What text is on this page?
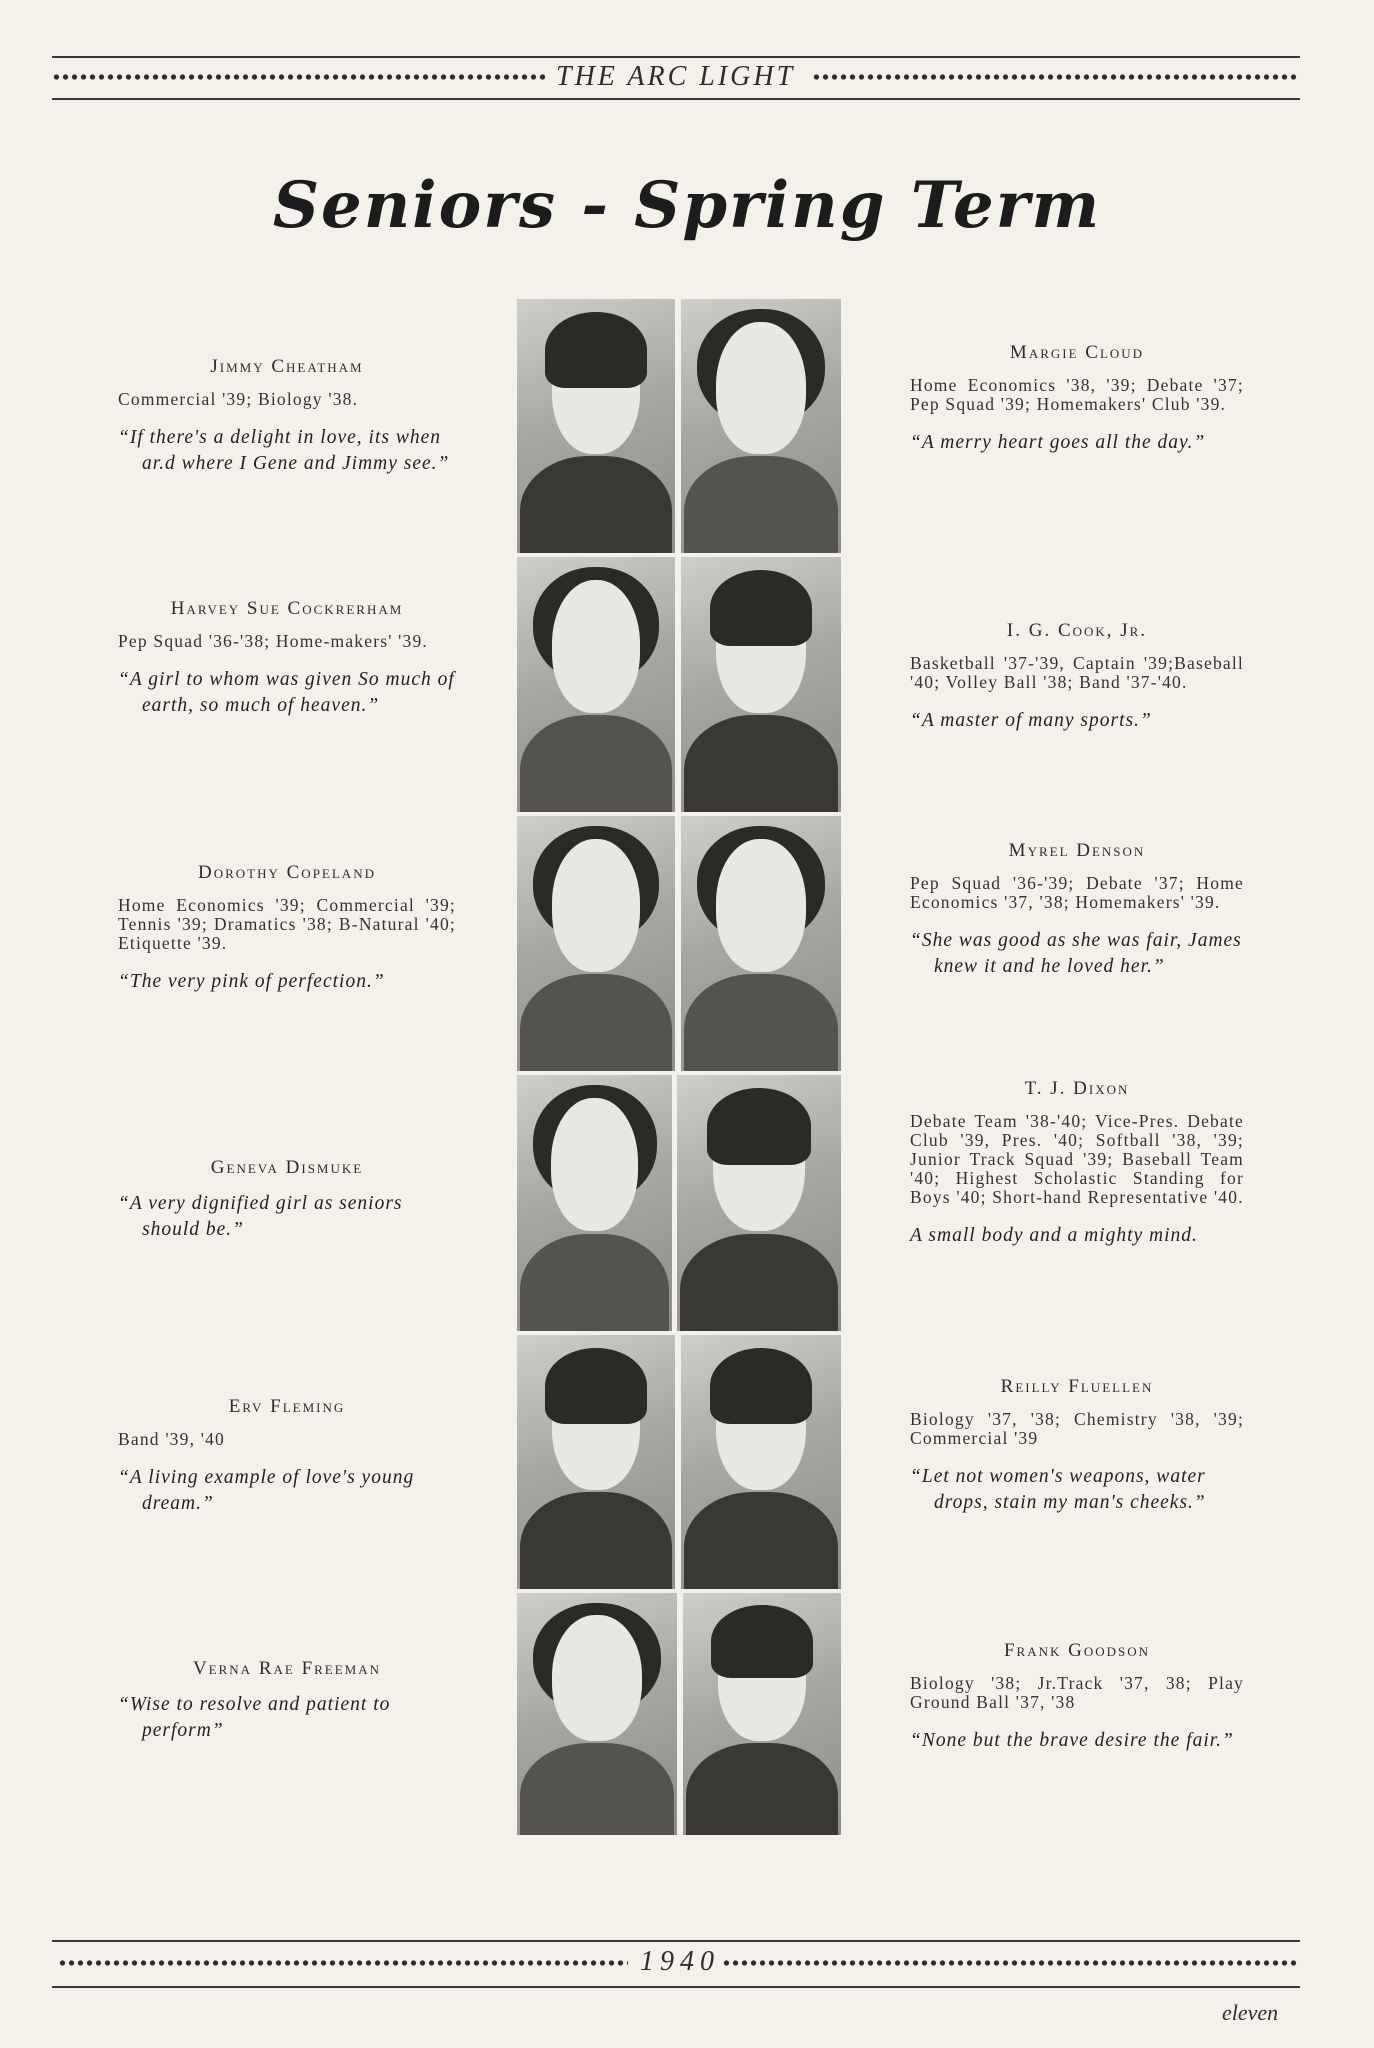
THE ARC LIGHT
Seniors - Spring Term
Jimmy Cheatham
Commercial '39; Biology '38.
“If there's a delight in love, its when ar.d where I Gene and Jimmy see.”
Harvey Sue Cockrerham
Pep Squad '36-'38; Home-makers' '39.
“A girl to whom was given So much of earth, so much of heaven.”
Dorothy Copeland
Home Economics '39; Commercial '39; Tennis '39; Dramatics '38; B-Natural '40; Etiquette '39.
“The very pink of perfection.”
Geneva Dismuke
“A very dignified girl as seniors should be.”
Erv Fleming
Band '39, '40
“A living example of love's young dream.”
Verna Rae Freeman
“Wise to resolve and patient to perform”
Margie Cloud
Home Economics '38, '39; Debate '37; Pep Squad '39; Homemakers' Club '39.
“A merry heart goes all the day.”
I. G. Cook, Jr.
Basketball '37-'39, Captain '39;Baseball '40; Volley Ball '38; Band '37-'40.
“A master of many sports.”
Myrel Denson
Pep Squad '36-'39; Debate '37; Home Economics '37, '38; Homemakers' '39.
“She was good as she was fair, James knew it and he loved her.”
T. J. Dixon
Debate Team '38-'40; Vice-Pres. Debate Club '39, Pres. '40; Softball '38, '39; Junior Track Squad '39; Baseball Team '40; Highest Scholastic Standing for Boys '40; Short-hand Representative '40.
A small body and a mighty mind.
Reilly Fluellen
Biology '37, '38; Chemistry '38, '39; Commercial '39
“Let not women's weapons, water drops, stain my man's cheeks.”
Frank Goodson
Biology '38; Jr.Track '37, 38; Play Ground Ball '37, '38
“None but the brave desire the fair.”
1940
eleven
